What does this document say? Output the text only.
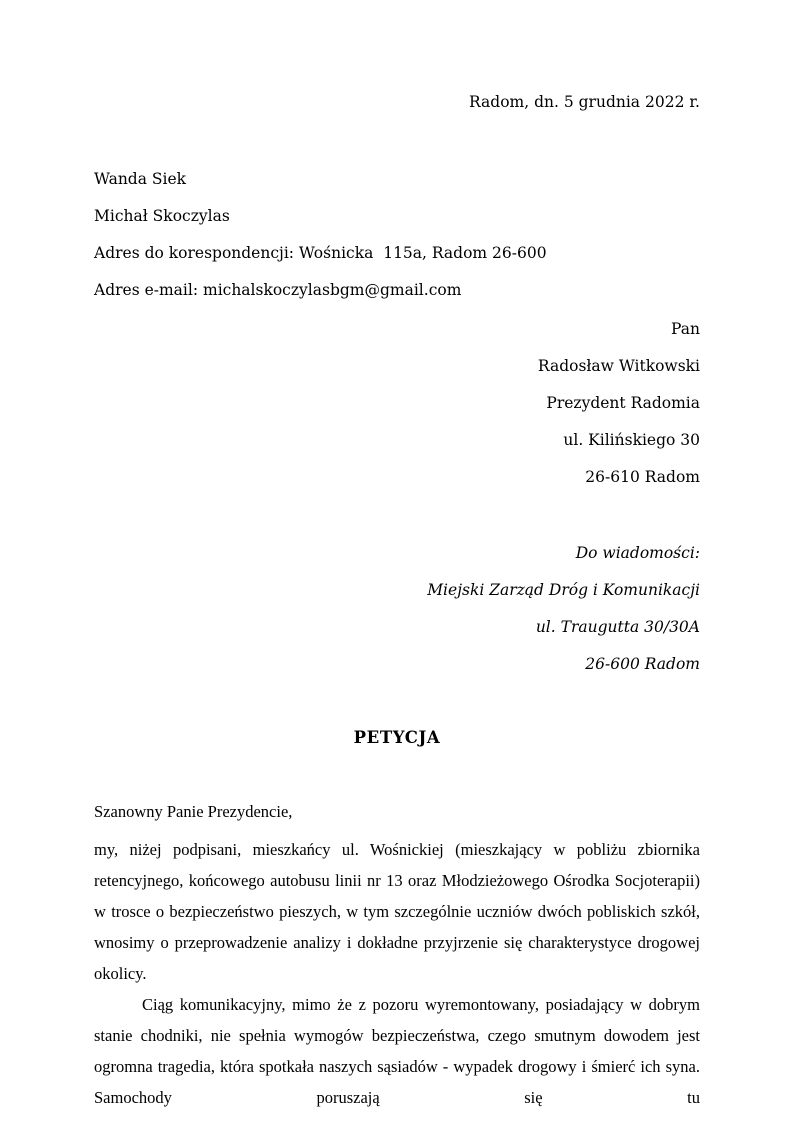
Radom, dn. 5 grudnia 2022 r.
Wanda Siek
Michał Skoczylas
Adres do korespondencji: Wośnicka  115a, Radom 26-600
Adres e-mail: michalskoczylasbgm@gmail.com
Pan
Radosław Witkowski
Prezydent Radomia
ul. Kilińskiego 30
26-610 Radom
Do wiadomości:
Miejski Zarząd Dróg i Komunikacji
ul. Traugutta 30/30A
26-600 Radom
PETYCJA
Szanowny Panie Prezydencie,

my, niżej podpisani, mieszkańcy ul. Wośnickiej (mieszkający w pobliżu zbiornika retencyjnego, końcowego autobusu linii nr 13 oraz Młodzieżowego Ośrodka Socjoterapii) w trosce o bezpieczeństwo pieszych, w tym szczególnie uczniów dwóch pobliskich szkół, wnosimy o przeprowadzenie analizy i dokładne przyjrzenie się charakterystyce drogowej okolicy.

Ciąg komunikacyjny, mimo że z pozoru wyremontowany, posiadający w dobrym stanie chodniki, nie spełnia wymogów bezpieczeństwa, czego smutnym dowodem jest ogromna tragedia, która spotkała naszych sąsiadów - wypadek drogowy i śmierć ich syna. Samochody poruszają się tu
